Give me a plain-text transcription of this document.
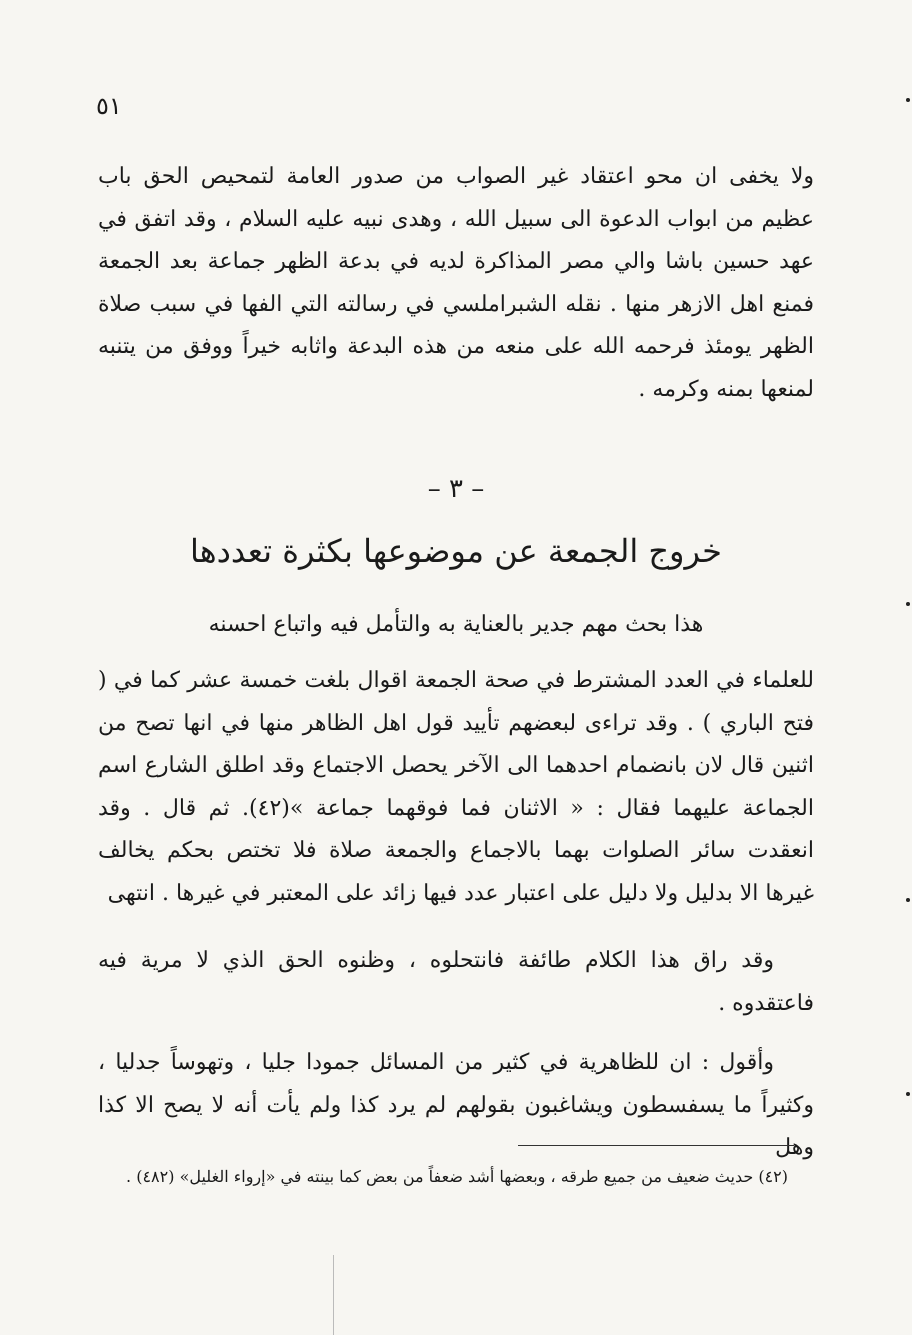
٥١

ولا يخفى ان محو اعتقاد غير الصواب من صدور العامة لتمحيص الحق باب عظيم من ابواب الدعوة الى سبيل الله ، وهدى نبيه عليه السلام ، وقد اتفق في عهد حسين باشا والي مصر المذاكرة لديه في بدعة الظهر جماعة بعد الجمعة فمنع اهل الازهر منها . نقله الشبراملسي في رسالته التي الفها في سبب صلاة الظهر يومئذ فرحمه الله على منعه من هذه البدعة واثابه خيراً ووفق من يتنبه لمنعها بمنه وكرمه .

– ٣ –
خروج الجمعة عن موضوعها بكثرة تعددها
هذا بحث مهم جدير بالعناية به والتأمل فيه واتباع احسنه

للعلماء في العدد المشترط في صحة الجمعة اقوال بلغت خمسة عشر كما في ( فتح الباري ) . وقد تراءى لبعضهم تأييد قول اهل الظاهر منها في انها تصح من اثنين قال لان بانضمام احدهما الى الآخر يحصل الاجتماع وقد اطلق الشارع اسم الجماعة عليهما فقال : « الاثنان فما فوقهما جماعة »(٤٢). ثم قال . وقد انعقدت سائر الصلوات بهما بالاجماع والجمعة صلاة فلا تختص بحكم يخالف غيرها الا بدليل ولا دليل على اعتبار عدد فيها زائد على المعتبر في غيرها . انتهى

وقد راق هذا الكلام طائفة فانتحلوه ، وظنوه الحق الذي لا مرية فيه فاعتقدوه .

وأقول : ان للظاهرية في كثير من المسائل جمودا جليا ، وتهوساً جدليا ، وكثيراً ما يسفسطون ويشاغبون بقولهم لم يرد كذا ولم يأت أنه لا يصح الا كذا وهل

(٤٢) حديث ضعيف من جميع طرقه ، وبعضها أشد ضعفاً من بعض كما بينته في «إرواء الغليل» (٤٨٢) .
